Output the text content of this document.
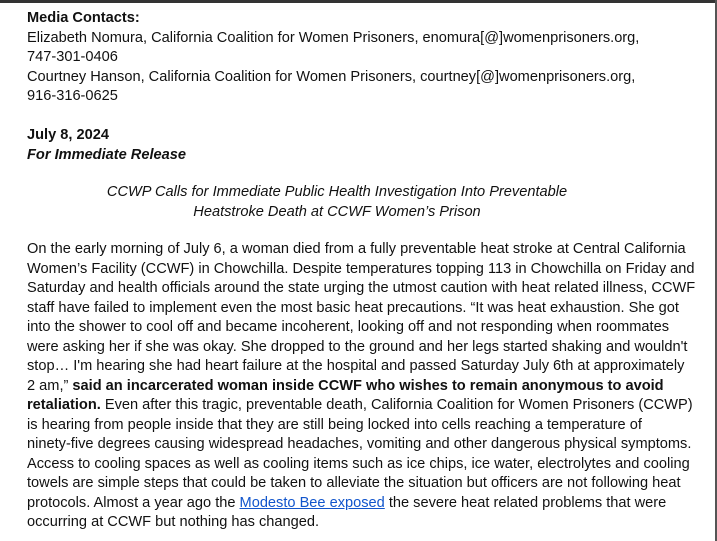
Media Contacts:
Elizabeth Nomura, California Coalition for Women Prisoners, enomura[@]womenprisoners.org,
747-301-0406
Courtney Hanson, California Coalition for Women Prisoners, courtney[@]womenprisoners.org,
916-316-0625
July 8, 2024
For Immediate Release
CCWP Calls for Immediate Public Health Investigation Into Preventable
Heatstroke Death at CCWF Women’s Prison
On the early morning of July 6, a woman died from a fully preventable heat stroke at Central California
Women’s Facility (CCWF) in Chowchilla. Despite temperatures topping 113 in Chowchilla on Friday and
Saturday and health officials around the state urging the utmost caution with heat related illness, CCWF
staff have failed to implement even the most basic heat precautions. “It was heat exhaustion. She got
into the shower to cool off and became incoherent, looking off and not responding when roommates
were asking her if she was okay. She dropped to the ground and her legs started shaking and wouldn't
stop… I'm hearing she had heart failure at the hospital and passed Saturday July 6th at approximately
2 am,” said an incarcerated woman inside CCWF who wishes to remain anonymous to avoid
retaliation. Even after this tragic, preventable death, California Coalition for Women Prisoners (CCWP)
is hearing from people inside that they are still being locked into cells reaching a temperature of
ninety-five degrees causing widespread headaches, vomiting and other dangerous physical symptoms.
Access to cooling spaces as well as cooling items such as ice chips, ice water, electrolytes and cooling
towels are simple steps that could be taken to alleviate the situation but officers are not following heat
protocols. Almost a year ago the Modesto Bee exposed the severe heat related problems that were
occurring at CCWF but nothing has changed.
